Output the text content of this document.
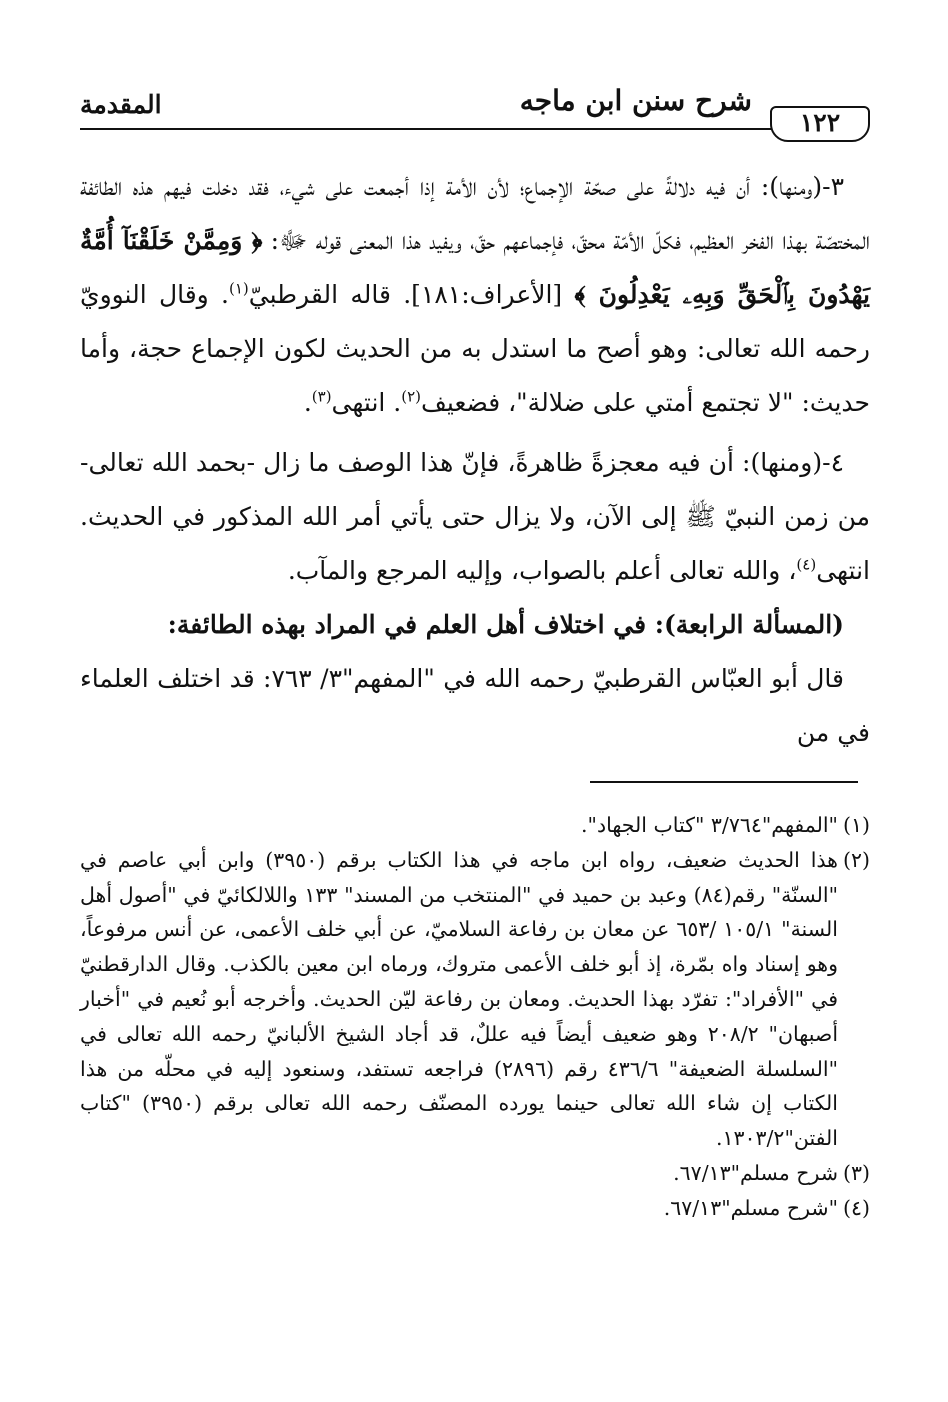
المقدمة	شرح سنن ابن ماجه
١٢٢

٣-(ومنها): أن فيه دلالةً على صحّة الإجماع؛ لأن الأمة إذا أجمعت على شيء، فقد دخلت فيهم هذه الطائفة المختصّة بهذا الفخر العظيم، فكلّ الأمّة محقّ، فإجماعهم حقّ، ويفيد هذا المعنى قوله ﷻ: ﴿ وَمِمَّنْ خَلَقْنَآ أُمَّةٌ يَهْدُونَ بِٱلْحَقِّ وَبِهِۦ يَعْدِلُونَ ﴾ [الأعراف:١٨١]. قاله القرطبيّ$^{(١)}$. وقال النوويّ رحمه الله تعالى: وهو أصح ما استدل به من الحديث لكون الإجماع حجة، وأما حديث: "لا تجتمع أمتي على ضلالة"، فضعيف$^{(٢)}$. انتهى$^{(٣)}$.

٤-(ومنها): أن فيه معجزةً ظاهرةً، فإنّ هذا الوصف ما زال -بحمد الله تعالى- من زمن النبيّ ﷺ إلى الآن، ولا يزال حتى يأتي أمر الله المذكور في الحديث. انتهى$^{(٤)}$، والله تعالى أعلم بالصواب، وإليه المرجع والمآب.

(المسألة الرابعة): في اختلاف أهل العلم في المراد بهذه الطائفة:

قال أبو العبّاس القرطبيّ رحمه الله في "المفهم"٣/ ٧٦٣: قد اختلف العلماء في من

(١)
"المفهم"٣/٧٦٤ "كتاب الجهاد".
(٢)
هذا الحديث ضعيف، رواه ابن ماجه في هذا الكتاب برقم (٣٩٥٠) وابن أبي عاصم في "السنّة" رقم(٨٤) وعبد بن حميد في "المنتخب من المسند" ١٣٣ واللالكائيّ في "أصول أهل السنة" ١٠٥/١ /٦٥٣ عن معان بن رفاعة السلاميّ، عن أبي خلف الأعمى، عن أنس مرفوعاً، وهو إسناد واه بمّرة، إذ أبو خلف الأعمى متروك، ورماه ابن معين بالكذب. وقال الدارقطنيّ في "الأفراد": تفرّد بهذا الحديث. ومعان بن رفاعة ليّن الحديث. وأخرجه أبو نُعيم في "أخبار أصبهان" ٢٠٨/٢ وهو ضعيف أيضاً فيه عللٌ، قد أجاد الشيخ الألبانيّ رحمه الله تعالى في "السلسلة الضعيفة" ٤٣٦/٦ رقم (٢٨٩٦) فراجعه تستفد، وسنعود إليه في محلّه من هذا الكتاب إن شاء الله تعالى حينما يورده المصنّف رحمه الله تعالى برقم (٣٩٥٠) "كتاب الفتن"١٣٠٣/٢.
(٣)
شرح مسلم"٦٧/١٣.
(٤)
"شرح مسلم"٦٧/١٣.
